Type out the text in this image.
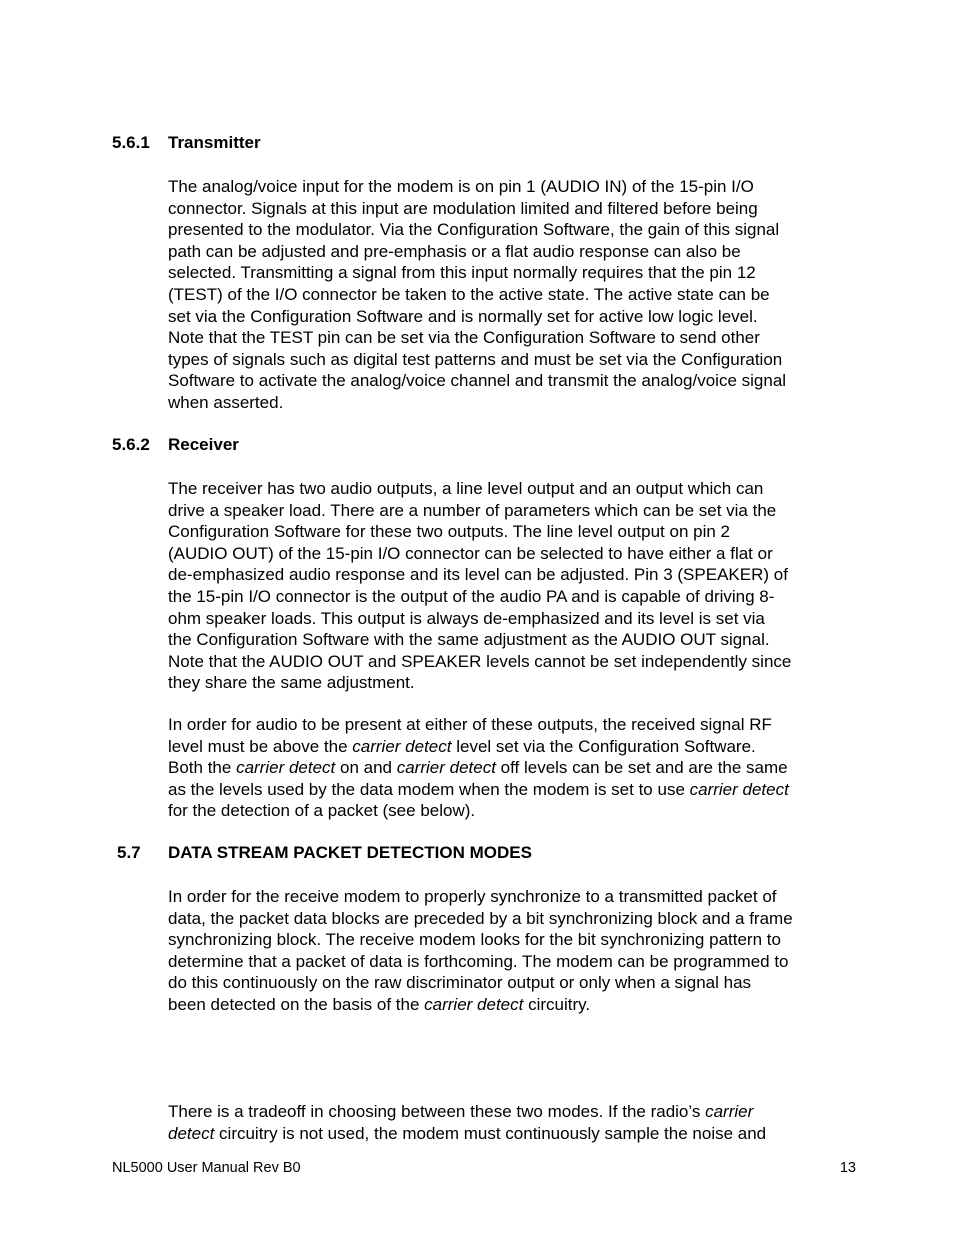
5.6.1 Transmitter
The analog/voice input for the modem is on pin 1 (AUDIO IN) of the 15-pin I/O
connector. Signals at this input are modulation limited and filtered before being
presented to the modulator. Via the Configuration Software, the gain of this signal
path can be adjusted and pre-emphasis or a flat audio response can also be
selected. Transmitting a signal from this input normally requires that the pin 12
(TEST) of the I/O connector be taken to the active state. The active state can be
set via the Configuration Software and is normally set for active low logic level.
Note that the TEST pin can be set via the Configuration Software to send other
types of signals such as digital test patterns and must be set via the Configuration
Software to activate the analog/voice channel and transmit the analog/voice signal
when asserted.
5.6.2 Receiver
The receiver has two audio outputs, a line level output and an output which can
drive a speaker load. There are a number of parameters which can be set via the
Configuration Software for these two outputs. The line level output on pin 2
(AUDIO OUT) of the 15-pin I/O connector can be selected to have either a flat or
de-emphasized audio response and its level can be adjusted. Pin 3 (SPEAKER) of
the 15-pin I/O connector is the output of the audio PA and is capable of driving 8-
ohm speaker loads. This output is always de-emphasized and its level is set via
the Configuration Software with the same adjustment as the AUDIO OUT signal.
Note that the AUDIO OUT and SPEAKER levels cannot be set independently since
they share the same adjustment.
In order for audio to be present at either of these outputs, the received signal RF
level must be above the carrier detect level set via the Configuration Software.
Both the carrier detect on and carrier detect off levels can be set and are the same
as the levels used by the data modem when the modem is set to use carrier detect
for the detection of a packet (see below).
5.7 DATA STREAM PACKET DETECTION MODES
In order for the receive modem to properly synchronize to a transmitted packet of
data, the packet data blocks are preceded by a bit synchronizing block and a frame
synchronizing block. The receive modem looks for the bit synchronizing pattern to
determine that a packet of data is forthcoming. The modem can be programmed to
do this continuously on the raw discriminator output or only when a signal has
been detected on the basis of the carrier detect circuitry.
There is a tradeoff in choosing between these two modes. If the radio’s carrier
detect circuitry is not used, the modem must continuously sample the noise and
NL5000 User Manual Rev B0	13
